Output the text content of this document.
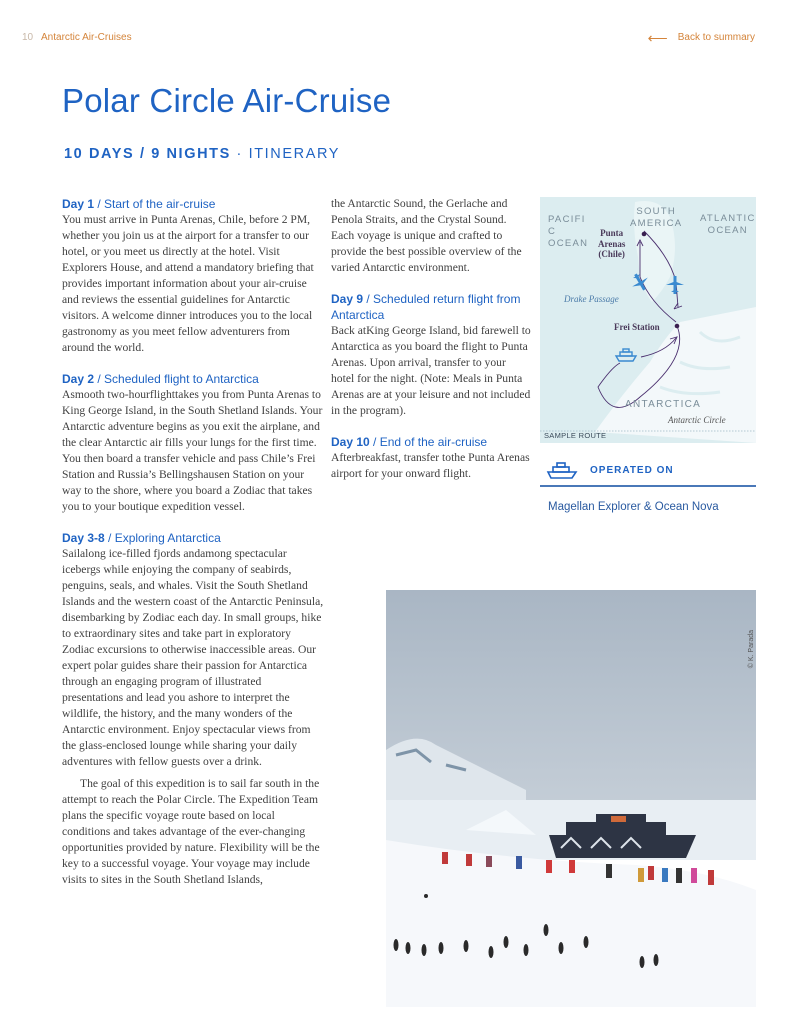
10 Antarctic Air-Cruises	⟵ Back to summary
Polar Circle Air-Cruise
10 DAYS / 9 NIGHTS · ITINERARY
Day 1 / Start of the air-cruise

You must arrive in Punta Arenas, Chile, before 2 PM, whether you join us at the airport for a transfer to our hotel, or you meet us directly at the hotel. Visit Explorers House, and attend a mandatory briefing that provides important information about your air-cruise and reviews the essential guidelines for Antarctic visitors. A welcome dinner introduces you to the local gastronomy as you meet fellow adventurers from around the world.

Day 2 / Scheduled flight to Antarctica

Asmooth two-hourflighttakes you from Punta Arenas to King George Island, in the South Shetland Islands. Your Antarctic adventure begins as you exit the airplane, and the clear Antarctic air fills your lungs for the first time. You then board a transfer vehicle and pass Chile’s Frei Station and Russia’s Bellingshausen Station on your way to the shore, where you board a Zodiac that takes you to your boutique expedition vessel.

Day 3-8 / Exploring Antarctica

Sailalong ice-filled fjords andamong spectacular icebergs while enjoying the company of seabirds, penguins, seals, and whales. Visit the South Shetland Islands and the western coast of the Antarctic Peninsula, disembarking by Zodiac each day. In small groups, hike to extraordinary sites and take part in exploratory Zodiac excursions to otherwise inaccessible areas. Our expert polar guides share their passion for Antarctica through an engaging program of illustrated presentations and lead you ashore to interpret the wildlife, the history, and the many wonders of the Antarctic environment. Enjoy spectacular views from the glass-enclosed lounge while sharing your daily adventures with fellow guests over a drink.

The goal of this expedition is to sail far south in the attempt to reach the Polar Circle. The Expedition Team plans the specific voyage route based on local conditions and takes advantage of the ever-changing opportunities provided by nature. Flexibility will be the key to a successful voyage. Your voyage may include visits to sites in the South Shetland Islands,

the Antarctic Sound, the Gerlache and Penola Straits, and the Crystal Sound. Each voyage is unique and crafted to provide the best possible overview of the varied Antarctic environment.

Day 9 / Scheduled return flight from Antarctica

Back atKing George Island, bid farewell to Antarctica as you board the flight to Punta Arenas. Upon arrival, transfer to your hotel for the night. (Note: Meals in Punta Arenas are at your leisure and not included in the program).

Day 10 / End of the air-cruise

Afterbreakfast, transfer tothe Punta Arenas airport for your onward flight.

PACIFI
C
OCEAN
SOUTH
AMERICA ATLANTIC
OCEAN
Punta
Arenas
(Chile)
Drake Passage
Frei Station
ANTARCTICA
Antarctic Circle
SAMPLE ROUTE
OPERATED ON
Magellan Explorer & Ocean Nova
© K. Parada
